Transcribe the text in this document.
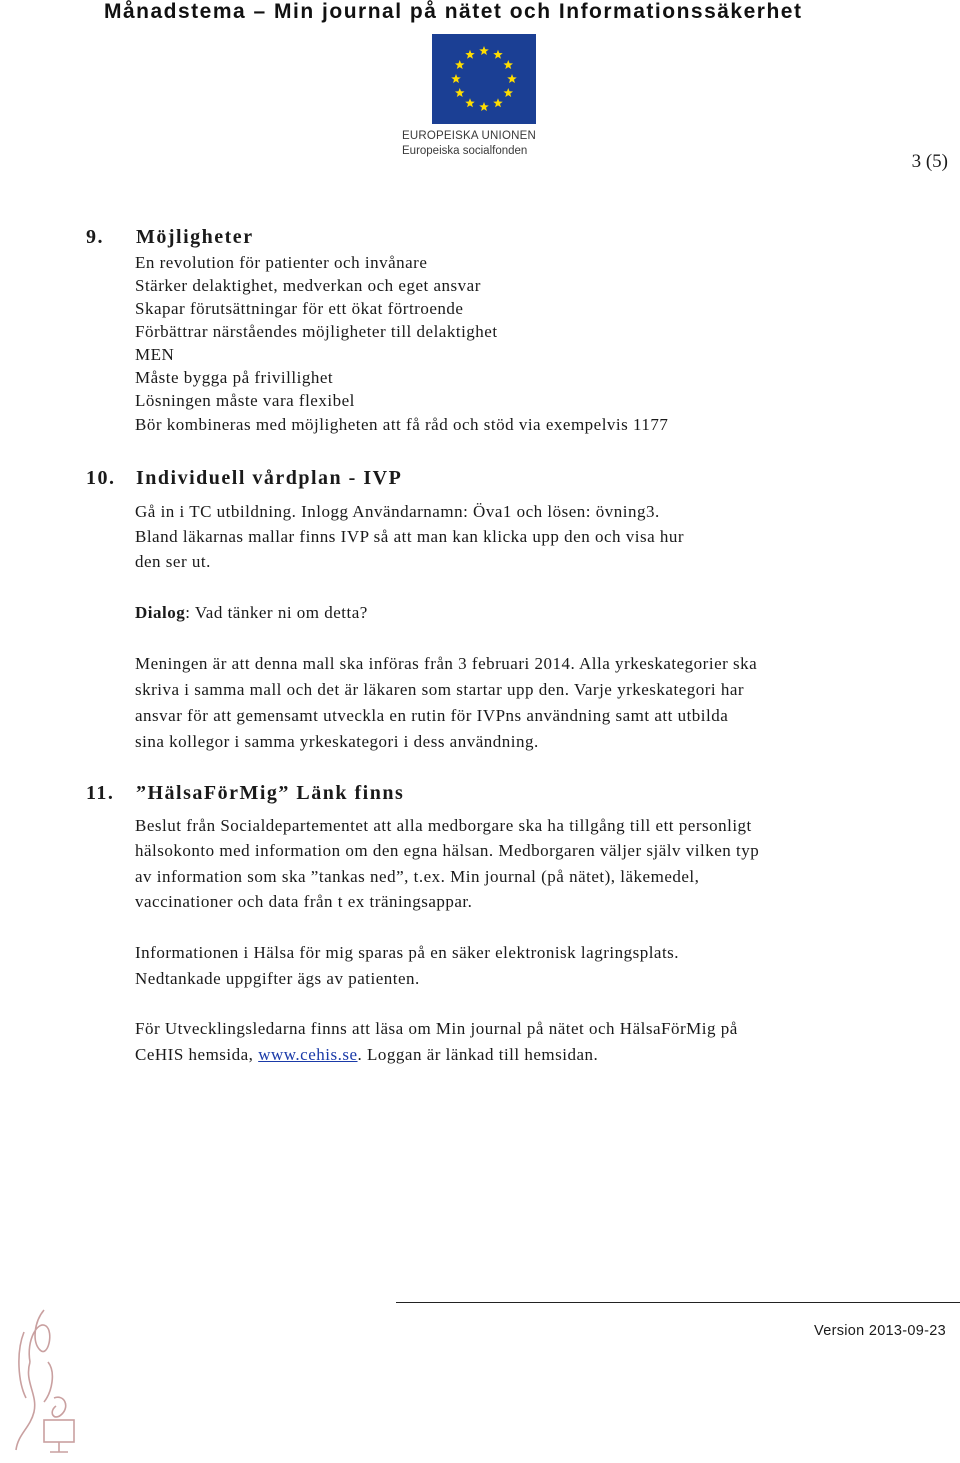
Månadstema – Min journal på nätet och Informationssäkerhet
EUROPEISKA UNIONEN
Europeiska socialfonden	3 (5)
9. Möjligheter
En revolution för patienter och invånare
Stärker delaktighet, medverkan och eget ansvar
Skapar förutsättningar för ett ökat förtroende
Förbättrar närståendes möjligheter till delaktighet
MEN
Måste bygga på frivillighet
Lösningen måste vara flexibel
Bör kombineras med möjligheten att få råd och stöd via exempelvis 1177
10. Individuell vårdplan - IVP
Gå in i TC utbildning. Inlogg Användarnamn: Öva1 och lösen: övning3.
Bland läkarnas mallar finns IVP så att man kan klicka upp den och visa hur
den ser ut.
Dialog: Vad tänker ni om detta?
Meningen är att denna mall ska införas från 3 februari 2014. Alla yrkeskategorier ska
skriva i samma mall och det är läkaren som startar upp den. Varje yrkeskategori har
ansvar för att gemensamt utveckla en rutin för IVPns användning samt att utbilda
sina kollegor i samma yrkeskategori i dess användning.
11. ”HälsaFörMig” Länk finns
Beslut från Socialdepartementet att alla medborgare ska ha tillgång till ett personligt
hälsokonto med information om den egna hälsan. Medborgaren väljer själv vilken typ
av information som ska ”tankas ned”, t.ex. Min journal (på nätet), läkemedel,
vaccinationer och data från t ex träningsappar.
Informationen i Hälsa för mig sparas på en säker elektronisk lagringsplats.
Nedtankade uppgifter ägs av patienten.
För Utvecklingsledarna finns att läsa om Min journal på nätet och HälsaFörMig på
CeHIS hemsida, www.cehis.se. Loggan är länkad till hemsidan.
Version 2013-09-23
